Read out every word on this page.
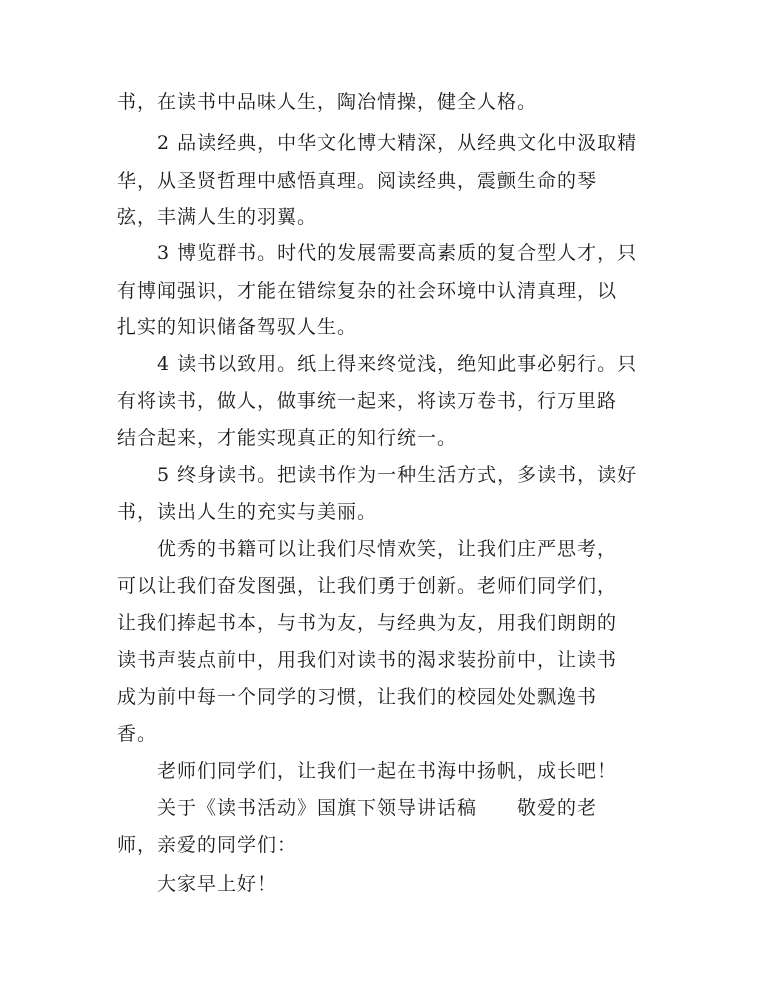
书，在读书中品味人生，陶冶情操，健全人格。
2 品读经典，中华文化博大精深，从经典文化中汲取精
华，从圣贤哲理中感悟真理。阅读经典，震颤生命的琴
弦，丰满人生的羽翼。
3 博览群书。时代的发展需要高素质的复合型人才，只
有博闻强识，才能在错综复杂的社会环境中认清真理，以
扎实的知识储备驾驭人生。
4 读书以致用。纸上得来终觉浅，绝知此事必躬行。只
有将读书，做人，做事统一起来，将读万卷书，行万里路
结合起来，才能实现真正的知行统一。
5 终身读书。把读书作为一种生活方式，多读书，读好
书，读出人生的充实与美丽。
优秀的书籍可以让我们尽情欢笑，让我们庄严思考，
可以让我们奋发图强，让我们勇于创新。老师们同学们，
让我们捧起书本，与书为友，与经典为友，用我们朗朗的
读书声装点前中，用我们对读书的渴求装扮前中，让读书
成为前中每一个同学的习惯，让我们的校园处处飘逸书
香。
老师们同学们，让我们一起在书海中扬帆，成长吧！
关于《读书活动》国旗下领导讲话稿　　敬爱的老
师，亲爱的同学们：
大家早上好！
